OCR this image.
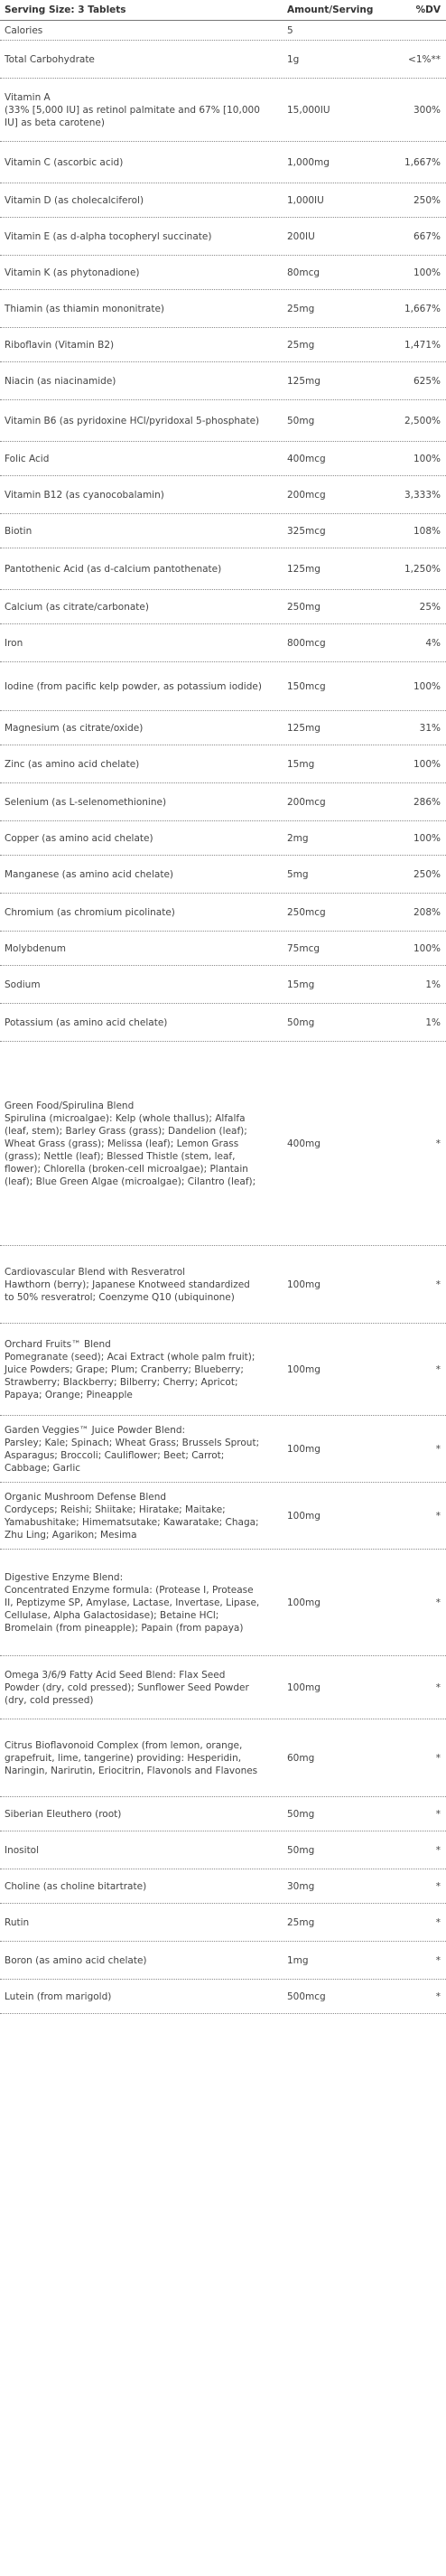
Serving Size: 3 Tablets	Amount/Serving	%DV
Calories	5
Total Carbohydrate	1g	<1%**
Vitamin A
(33% [5,000 IU] as retinol palmitate and 67% [10,000 IU] as beta carotene)
15,000IU	300%
Vitamin C (ascorbic acid)	1,000mg	1,667%
Vitamin D (as cholecalciferol)	1,000IU	250%
Vitamin E (as d-alpha tocopheryl succinate)	200IU	667%
Vitamin K (as phytonadione)	80mcg	100%
Thiamin (as thiamin mononitrate)	25mg	1,667%
Riboflavin (Vitamin B2)	25mg	1,471%
Niacin (as niacinamide)	125mg	625%
Vitamin B6 (as pyridoxine HCl/pyridoxal 5-phosphate)	50mg	2,500%
Folic Acid	400mcg	100%
Vitamin B12 (as cyanocobalamin)	200mcg	3,333%
Biotin	325mcg	108%
Pantothenic Acid (as d-calcium pantothenate)	125mg	1,250%
Calcium (as citrate/carbonate)	250mg	25%
Iron	800mcg	4%
Iodine (from pacific kelp powder, as potassium iodide)	150mcg	100%
Magnesium (as citrate/oxide)	125mg	31%
Zinc (as amino acid chelate)	15mg	100%
Selenium (as L-selenomethionine)	200mcg	286%
Copper (as amino acid chelate)	2mg	100%
Manganese (as amino acid chelate)	5mg	250%
Chromium (as chromium picolinate)	250mcg	208%
Molybdenum	75mcg	100%
Sodium	15mg	1%
Potassium (as amino acid chelate)	50mg	1%
Green Food/Spirulina Blend
Spirulina (microalgae): Kelp (whole thallus); Alfalfa (leaf, stem); Barley Grass (grass); Dandelion (leaf); Wheat Grass (grass); Melissa (leaf); Lemon Grass (grass); Nettle (leaf); Blessed Thistle (stem, leaf, flower); Chlorella (broken-cell microalgae); Plantain (leaf); Blue Green Algae (microalgae); Cilantro (leaf);
400mg	*
Cardiovascular Blend with Resveratrol
Hawthorn (berry); Japanese Knotweed standardized to 50% resveratrol; Coenzyme Q10 (ubiquinone)
100mg	*
Orchard Fruits™ Blend
Pomegranate (seed); Acai Extract (whole palm fruit); Juice Powders; Grape; Plum; Cranberry; Blueberry; Strawberry; Blackberry; Bilberry; Cherry; Apricot; Papaya; Orange; Pineapple
100mg	*
Garden Veggies™ Juice Powder Blend:
Parsley; Kale; Spinach; Wheat Grass; Brussels Sprout; Asparagus; Broccoli; Cauliflower; Beet; Carrot; Cabbage; Garlic
100mg	*
Organic Mushroom Defense Blend
Cordyceps; Reishi; Shiitake; Hiratake; Maitake; Yamabushitake; Himematsutake; Kawaratake; Chaga; Zhu Ling; Agarikon; Mesima
100mg	*
Digestive Enzyme Blend:
Concentrated Enzyme formula: (Protease I, Protease II, Peptizyme SP, Amylase, Lactase, Invertase, Lipase, Cellulase, Alpha Galactosidase); Betaine HCl; Bromelain (from pineapple); Papain (from papaya)
100mg	*
Omega 3/6/9 Fatty Acid Seed Blend: Flax Seed Powder (dry, cold pressed); Sunflower Seed Powder (dry, cold pressed)
100mg	*
Citrus Bioflavonoid Complex (from lemon, orange, grapefruit, lime, tangerine) providing: Hesperidin, Naringin, Narirutin, Eriocitrin, Flavonols and Flavones
60mg	*
Siberian Eleuthero (root)	50mg	*
Inositol	50mg	*
Choline (as choline bitartrate)	30mg	*
Rutin	25mg	*
Boron (as amino acid chelate)	1mg	*
Lutein (from marigold)	500mcg	*
